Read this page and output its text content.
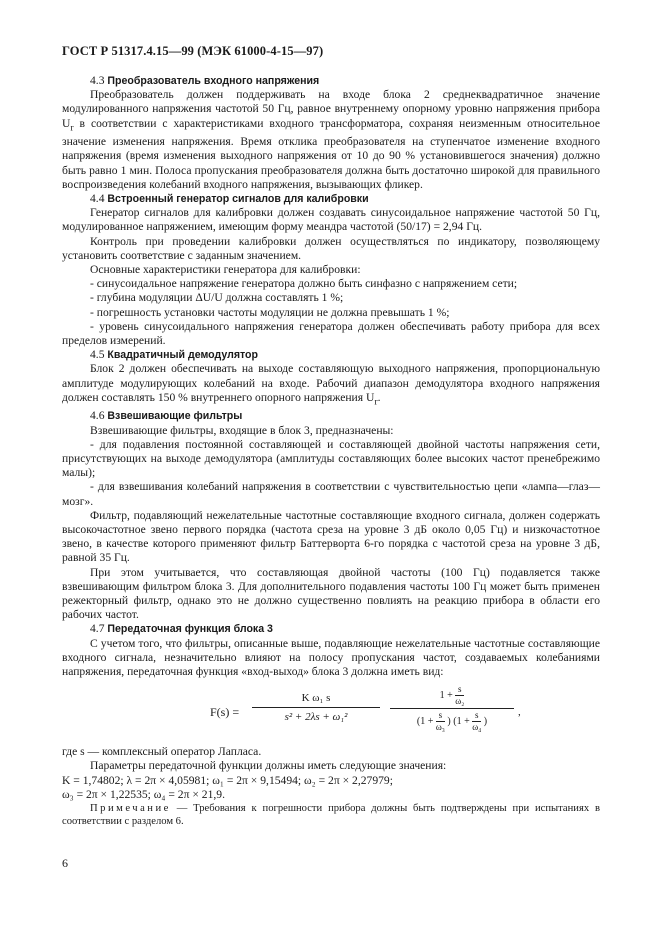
ГОСТ Р 51317.4.15—99 (МЭК 61000-4-15—97)

4.3 Преобразователь входного напряжения

Преобразователь должен поддерживать на входе блока 2 среднеквадратичное значение модулированного напряжения частотой 50 Гц, равное внутреннему опорному уровню напряжения прибора $U_r$ в соответствии с характеристиками входного трансформатора, сохраняя неизменным относительное значение изменения напряжения. Время отклика преобразователя на ступенчатое изменение входного напряжения (время изменения выходного напряжения от 10 до 90 % установившегося значения) должно быть равно 1 мин. Полоса пропускания преобразователя должна быть достаточно широкой для правильного воспроизведения колебаний входного напряжения, вызывающих фликер.

4.4 Встроенный генератор сигналов для калибровки

Генератор сигналов для калибровки должен создавать синусоидальное напряжение частотой 50 Гц, модулированное напряжением, имеющим форму меандра частотой (50/17) = 2,94 Гц.

Контроль при проведении калибровки должен осуществляться по индикатору, позволяющему установить соответствие с заданным значением.

Основные характеристики генератора для калибровки:

- синусоидальное напряжение генератора должно быть синфазно с напряжением сети;

- глубина модуляции ΔU/U должна составлять 1 %;

- погрешность установки частоты модуляции не должна превышать 1 %;

- уровень синусоидального напряжения генератора должен обеспечивать работу прибора для всех пределов измерений.

4.5 Квадратичный демодулятор

Блок 2 должен обеспечивать на выходе составляющую выходного напряжения, пропорциональную амплитуде модулирующих колебаний на входе. Рабочий диапазон демодулятора входного напряжения должен составлять 150 % внутреннего опорного напряжения $U_r$.

4.6 Взвешивающие фильтры

Взвешивающие фильтры, входящие в блок 3, предназначены:

- для подавления постоянной составляющей и составляющей двойной частоты напряжения сети, присутствующих на выходе демодулятора (амплитуды составляющих более высоких частот пренебрежимо малы);

- для взвешивания колебаний напряжения в соответствии с чувствительностью цепи «лампа—глаз—мозг».

Фильтр, подавляющий нежелательные частотные составляющие входного сигнала, должен содержать высокочастотное звено первого порядка (частота среза на уровне 3 дБ около 0,05 Гц) и низкочастотное звено, в качестве которого применяют фильтр Баттерворта 6-го порядка с частотой среза на уровне 3 дБ, равной 35 Гц.

При этом учитывается, что составляющая двойной частоты (100 Гц) подавляется также взвешивающим фильтром блока 3. Для дополнительного подавления частоты 100 Гц может быть применен режекторный фильтр, однако это не должно существенно повлиять на реакцию прибора в области его рабочих частот.

4.7 Передаточная функция блока 3

С учетом того, что фильтры, описанные выше, подавляющие нежелательные частотные составляющие входного сигнала, незначительно влияют на полосу пропускания частот, создаваемых колебаниями напряжения, передаточная функция «вход-выход» блока 3 должна иметь вид:

F(s) =
K ω₁ s
s² + 2λs + ω₁²
$1 + \frac{s}{\text{ω₂}}$
($1 + \frac{s}{\text{ω₃}}$ ) ($1 + \frac{s}{\text{ω₄}}$ )
,

где s — комплексный оператор Лапласа.

Параметры передаточной функции должны иметь следующие значения:

K = 1,74802; λ = 2π × 4,05981; ω₁ = 2π × 9,15494; ω₂ = 2π × 2,27979;

ω₃ = 2π × 1,22535; ω₄ = 2π × 21,9.

Примечание — Требования к погрешности прибора должны быть подтверждены при испытаниях в соответствии с разделом 6.

6
